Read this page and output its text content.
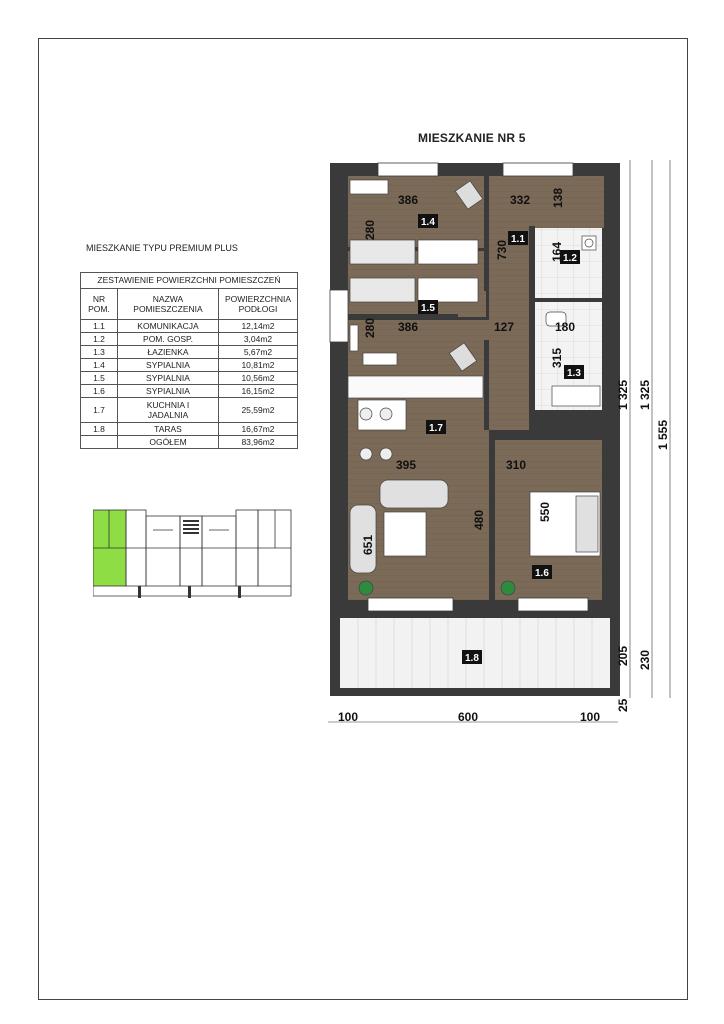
MIESZKANIE NR 5
MIESZKANIE TYPU PREMIUM PLUS
ZESTAWIENIE POWIERZCHNI POMIESZCZEŃ		
NR
POM.	NAZWA
POMIESZCZENIA	POWIERZCHNIA
PODŁOGI
1.1	KOMUNIKACJA	12,14m2
1.2	POM. GOSP.	3,04m2
1.3	ŁAZIENKA	5,67m2
1.4	SYPIALNIA	10,81m2
1.5	SYPIALNIA	10,56m2
1.6	SYPIALNIA	16,15m2
1.7	KUCHNIA I
JADALNIA	25,59m2
1.8	TARAS	16,67m2
	OGÓŁEM	83,96m2
1.4
1.1
1.2
1.5
1.3
1.7
1.6
1.8
386	332 138
280
730	164
280 386	127	180
315
395	310
651
480	550
1 325 1 325
1 555
205 230
25
100	600	100
